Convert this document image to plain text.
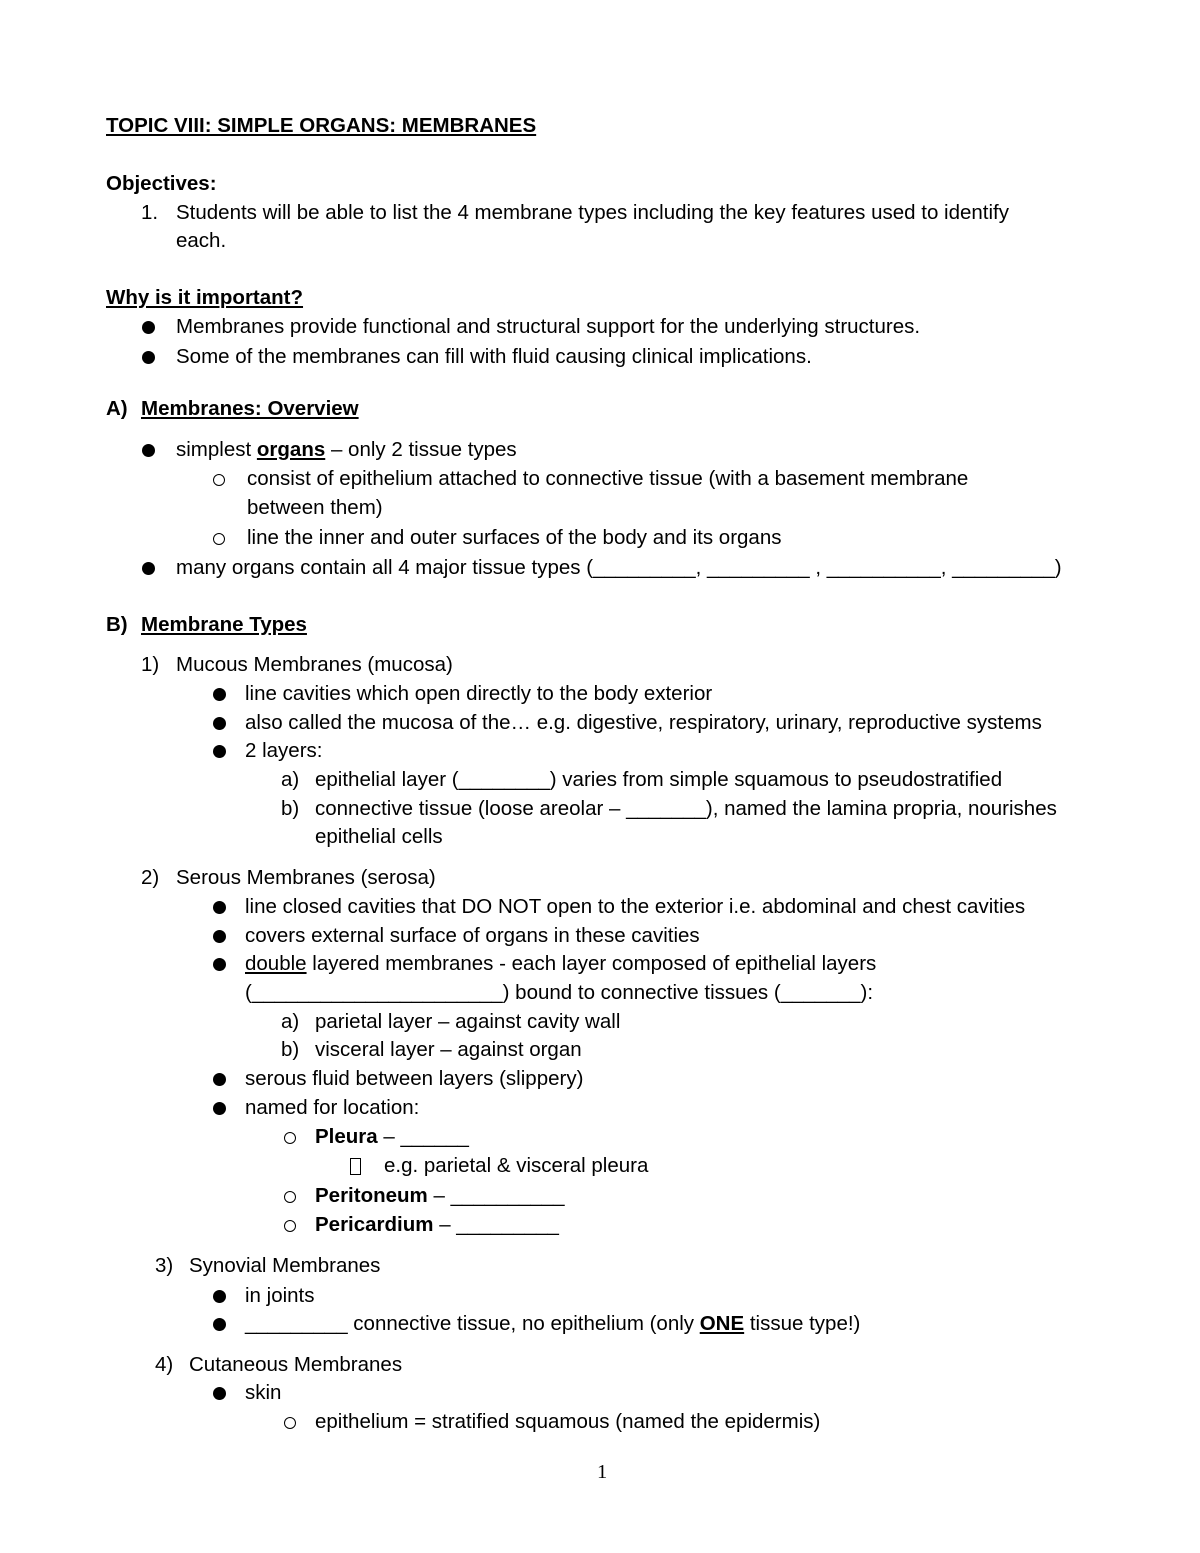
TOPIC VIII: SIMPLE ORGANS: MEMBRANES
Objectives:
1. Students will be able to list the 4 membrane types including the key features used to identify
each.
Why is it important?
Membranes provide functional and structural support for the underlying structures.
Some of the membranes can fill with fluid causing clinical implications.
A) Membranes: Overview
simplest organs – only 2 tissue types
consist of epithelium attached to connective tissue (with a basement membrane
between them)
line the inner and outer surfaces of the body and its organs
many organs contain all 4 major tissue types (_________, _________ , __________, _________)
B) Membrane Types
1) Mucous Membranes (mucosa)
line cavities which open directly to the body exterior
also called the mucosa of the… e.g. digestive, respiratory, urinary, reproductive systems
2 layers:
a) epithelial layer (________) varies from simple squamous to pseudostratified
b) connective tissue (loose areolar – _______), named the lamina propria, nourishes
epithelial cells
2) Serous Membranes (serosa)
line closed cavities that DO NOT open to the exterior i.e. abdominal and chest cavities
covers external surface of organs in these cavities
double layered membranes - each layer composed of epithelial layers
(______________________) bound to connective tissues (_______):
a) parietal layer – against cavity wall
b) visceral layer – against organ
serous fluid between layers (slippery)
named for location:
Pleura – ______
e.g. parietal & visceral pleura
Peritoneum – __________
Pericardium – _________
3) Synovial Membranes
in joints
_________ connective tissue, no epithelium (only ONE tissue type!)
4) Cutaneous Membranes
skin
epithelium = stratified squamous (named the epidermis)
1
